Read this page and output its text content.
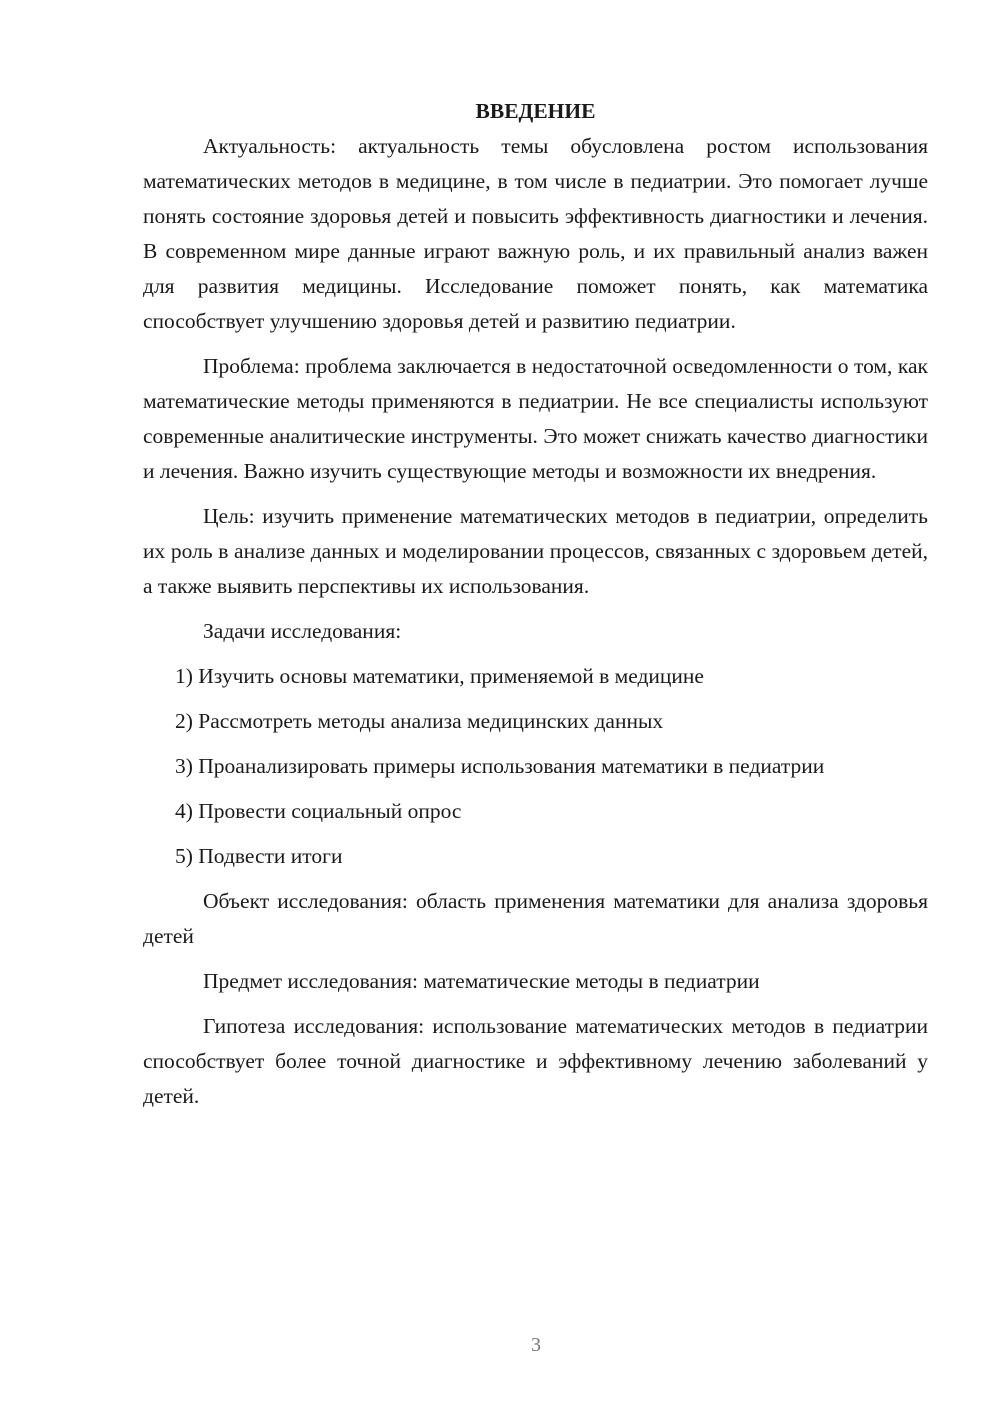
ВВЕДЕНИЕ

Актуальность: актуальность темы обусловлена ростом использования математических методов в медицине, в том числе в педиатрии. Это помогает лучше понять состояние здоровья детей и повысить эффективность диагностики и лечения. В современном мире данные играют важную роль, и их правильный анализ важен для развития медицины. Исследование поможет понять, как математика способствует улучшению здоровья детей и развитию педиатрии.

Проблема: проблема заключается в недостаточной осведомленности о том, как математические методы применяются в педиатрии. Не все специалисты используют современные аналитические инструменты. Это может снижать качество диагностики и лечения. Важно изучить существующие методы и возможности их внедрения.

Цель: изучить применение математических методов в педиатрии, определить их роль в анализе данных и моделировании процессов, связанных с здоровьем детей, а также выявить перспективы их использования.

Задачи исследования:

1) Изучить основы математики, применяемой в медицине

2) Рассмотреть методы анализа медицинских данных

3) Проанализировать примеры использования математики в педиатрии

4) Провести социальный опрос

5) Подвести итоги

Объект исследования: область применения математики для анализа здоровья детей

Предмет исследования: математические методы в педиатрии

Гипотеза исследования: использование математических методов в педиатрии способствует более точной диагностике и эффективному лечению заболеваний у детей.

3
